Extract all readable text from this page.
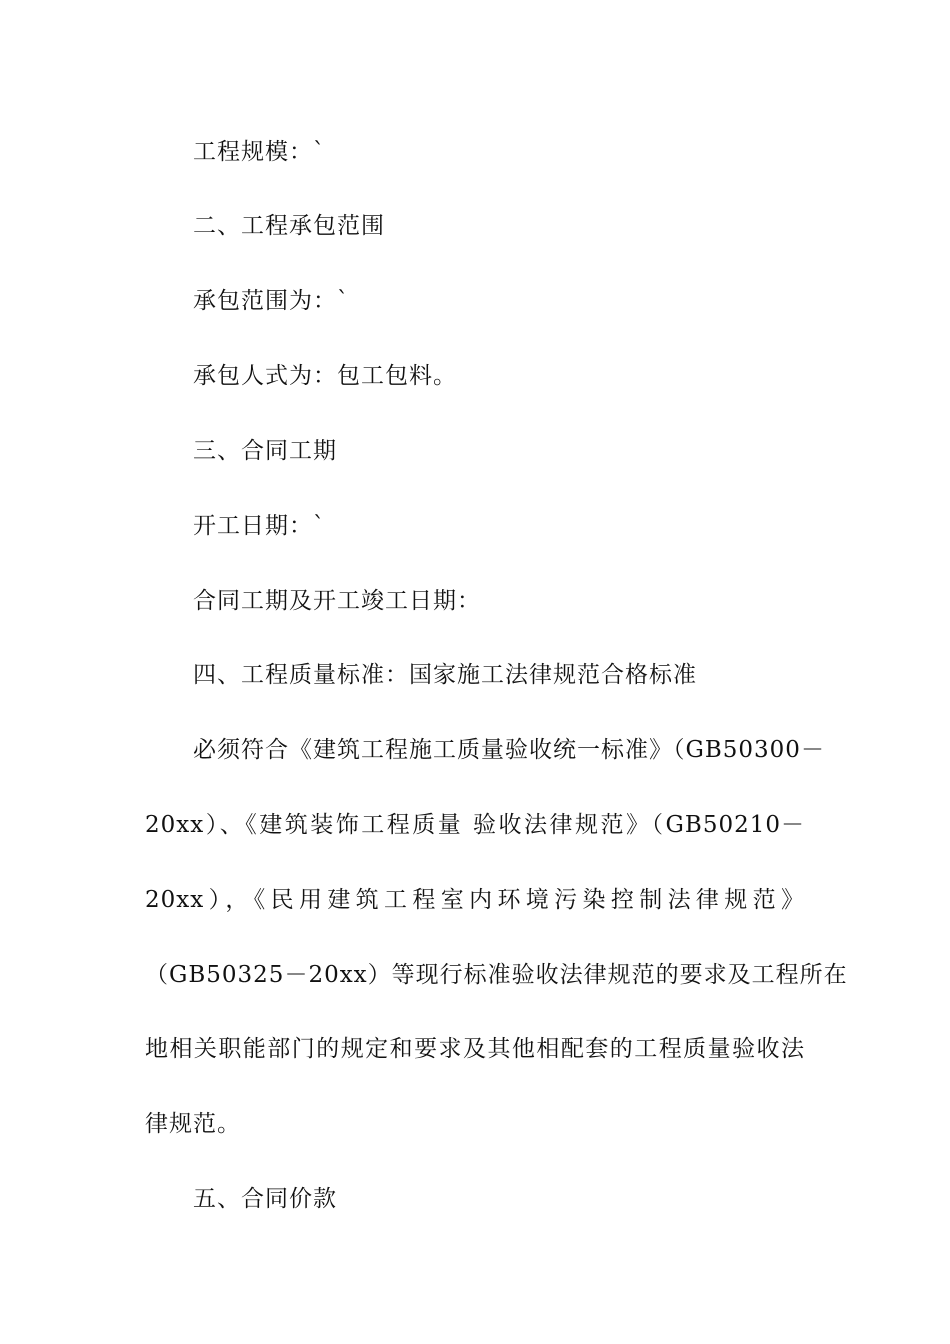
工程规模：`
二、工程承包范围
承包范围为：`
承包人式为：包工包料。
三、合同工期
开工日期：`
合同工期及开工竣工日期：
四、工程质量标准：国家施工法律规范合格标准
必须符合《建筑工程施工质量验收统一标准》（GB50300－
20xx）、《建筑装饰工程质量 验收法律规范》（GB50210－
20xx），《民用建筑工程室内环境污染控制法律规范》
（GB50325－20xx）等现行标准验收法律规范的要求及工程所在
地相关职能部门的规定和要求及其他相配套的工程质量验收法
律规范。
五、合同价款
